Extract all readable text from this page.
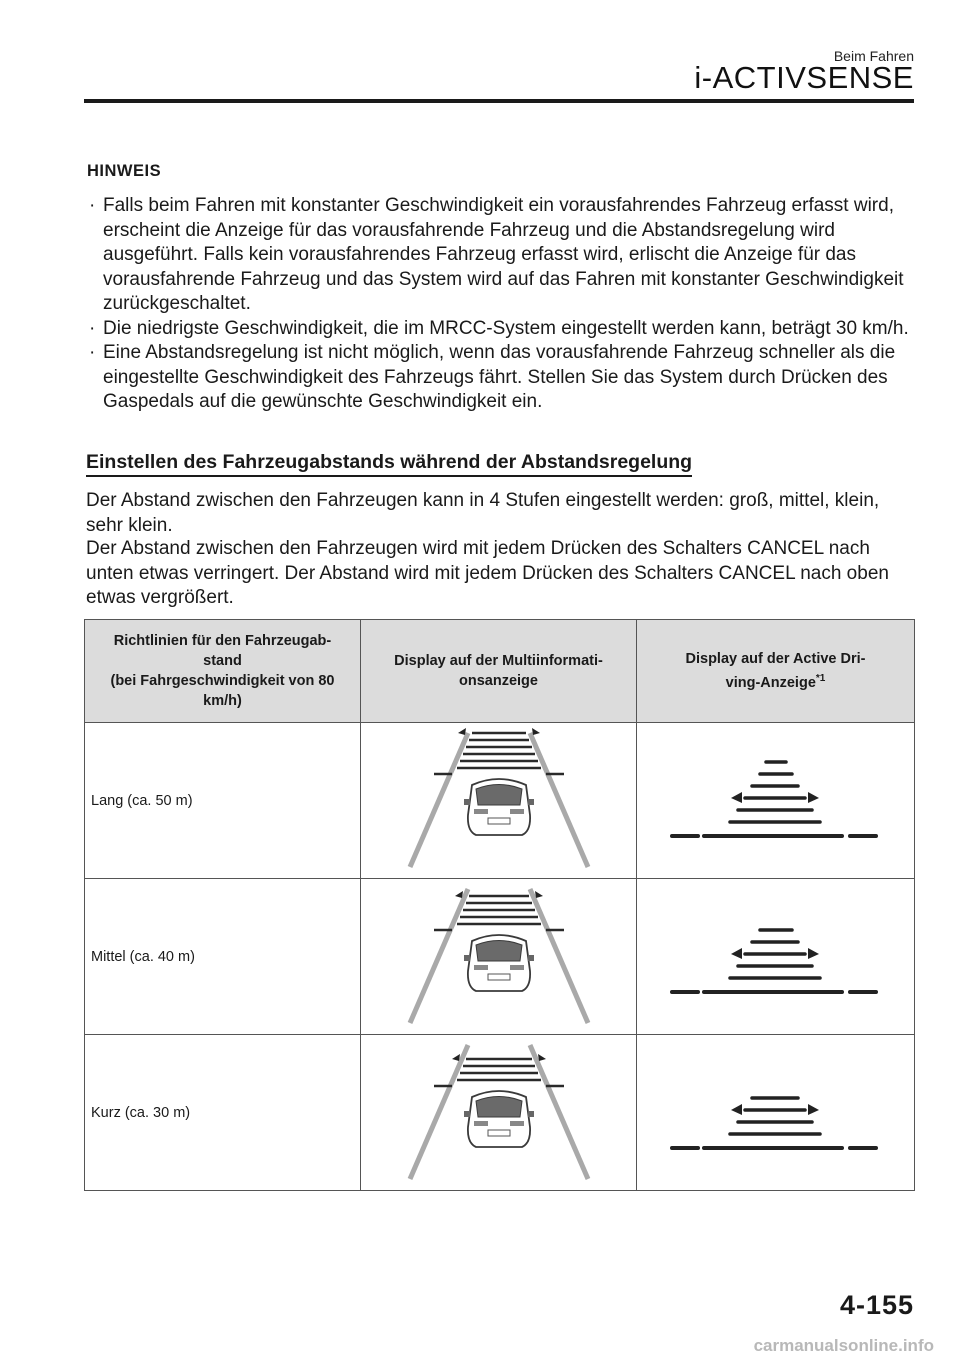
Beim Fahren
i-ACTIVSENSE
HINWEIS
· Falls beim Fahren mit konstanter Geschwindigkeit ein vorausfahrendes Fahrzeug erfasst wird, erscheint die Anzeige für das vorausfahrende Fahrzeug und die Abstandsregelung wird ausgeführt. Falls kein vorausfahrendes Fahrzeug erfasst wird, erlischt die Anzeige für das vorausfahrende Fahrzeug und das System wird auf das Fahren mit konstanter Geschwindigkeit zurückgeschaltet.
· Die niedrigste Geschwindigkeit, die im MRCC-System eingestellt werden kann, beträgt 30 km/h.
· Eine Abstandsregelung ist nicht möglich, wenn das vorausfahrende Fahrzeug schneller als die eingestellte Geschwindigkeit des Fahrzeugs fährt. Stellen Sie das System durch Drücken des Gaspedals auf die gewünschte Geschwindigkeit ein.
Einstellen des Fahrzeugabstands während der Abstandsregelung

Der Abstand zwischen den Fahrzeugen kann in 4 Stufen eingestellt werden: groß, mittel, klein, sehr klein.

Der Abstand zwischen den Fahrzeugen wird mit jedem Drücken des Schalters CANCEL nach unten etwas verringert. Der Abstand wird mit jedem Drücken des Schalters CANCEL nach oben etwas vergrößert.

Richtlinien für den Fahrzeugab-
stand
(bei Fahrgeschwindigkeit von 80
km/h)	Display auf der Multiinformati-
onsanzeige	Display auf der Active Dri-
ving-Anzeige$^{*1}$
Lang (ca. 50 m)		
Mittel (ca. 40 m)		
Kurz (ca. 30 m)		
4-155
carmanualsonline.info
